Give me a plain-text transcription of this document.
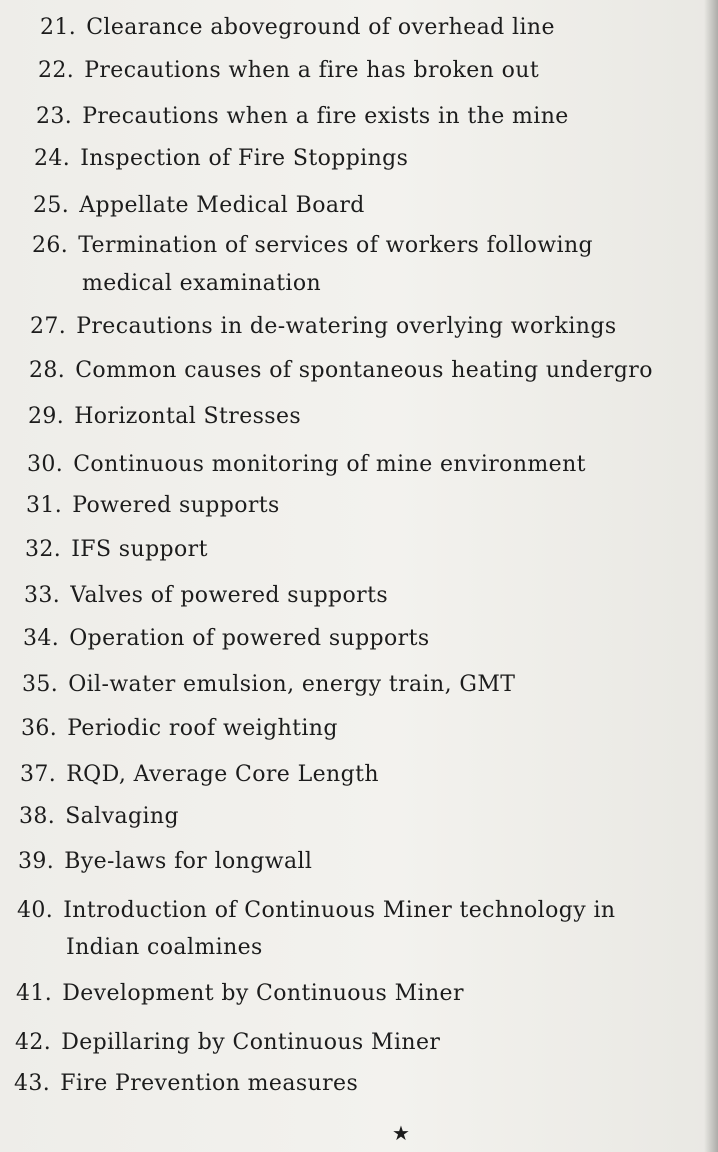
21. Clearance aboveground of overhead line
22. Precautions when a fire has broken out
23. Precautions when a fire exists in the mine
24. Inspection of Fire Stoppings
25. Appellate Medical Board
26. Termination of services of workers following
medical examination
27. Precautions in de-watering overlying workings
28. Common causes of spontaneous heating undergro
29. Horizontal Stresses
30. Continuous monitoring of mine environment
31. Powered supports
32. IFS support
33. Valves of powered supports
34. Operation of powered supports
35. Oil-water emulsion, energy train, GMT
36. Periodic roof weighting
37. RQD, Average Core Length
38. Salvaging
39. Bye-laws for longwall
40. Introduction of Continuous Miner technology in
Indian coalmines
41. Development by Continuous Miner
42. Depillaring by Continuous Miner
43. Fire Prevention measures
★
